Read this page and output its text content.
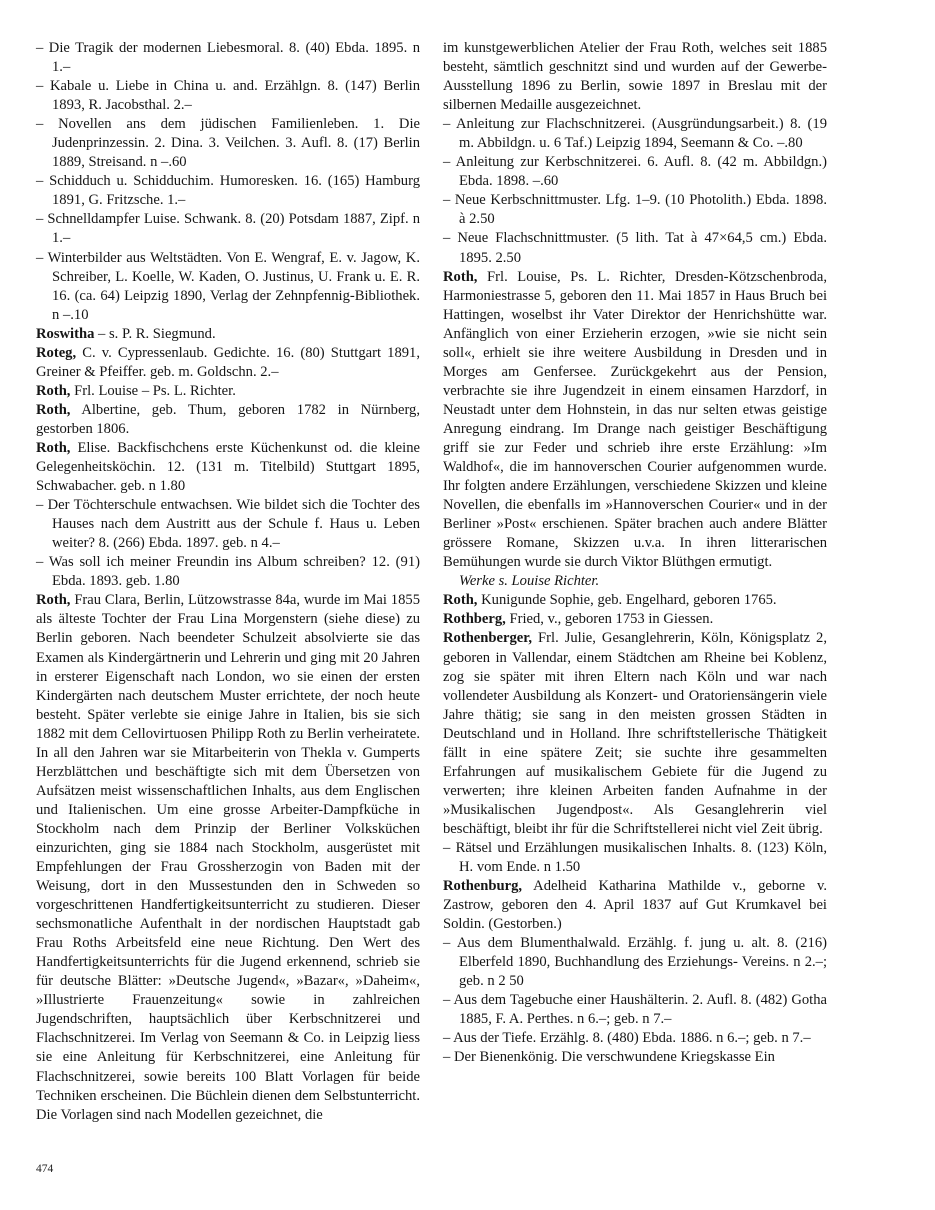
– Die Tragik der modernen Liebesmoral. 8. (40) Ebda. 1895. n 1.–

– Kabale u. Liebe in China u. and. Erzählgn. 8. (147) Berlin 1893, R. Jacobsthal. 2.–

– Novellen ans dem jüdischen Familienleben. 1. Die Judenprinzessin. 2. Dina. 3. Veilchen. 3. Aufl. 8. (17) Berlin 1889, Streisand. n –.60

– Schidduch u. Schidduchim. Humoresken. 16. (165) Hamburg 1891, G. Fritzsche. 1.–

– Schnelldampfer Luise. Schwank. 8. (20) Potsdam 1887, Zipf. n 1.–

– Winterbilder aus Weltstädten. Von E. Wengraf, E. v. Jagow, K. Schreiber, L. Koelle, W. Kaden, O. Justinus, U. Frank u. E. R. 16. (ca. 64) Leipzig 1890, Verlag der Zehnpfennig-Bibliothek. n –.10

Roswitha – s. P. R. Siegmund.

Roteg, C. v. Cypressenlaub. Gedichte. 16. (80) Stuttgart 1891, Greiner & Pfeiffer. geb. m. Goldschn. 2.–

Roth, Frl. Louise – Ps. L. Richter.

Roth, Albertine, geb. Thum, geboren 1782 in Nürnberg, gestorben 1806.

Roth, Elise. Backfischchens erste Küchenkunst od. die kleine Gelegenheitsköchin. 12. (131 m. Titelbild) Stuttgart 1895, Schwabacher. geb. n 1.80

– Der Töchterschule entwachsen. Wie bildet sich die Tochter des Hauses nach dem Austritt aus der Schule f. Haus u. Leben weiter? 8. (266) Ebda. 1897. geb. n 4.–

– Was soll ich meiner Freundin ins Album schreiben? 12. (91) Ebda. 1893. geb. 1.80

Roth, Frau Clara, Berlin, Lützowstrasse 84a, wurde im Mai 1855 als älteste Tochter der Frau Lina Morgenstern (siehe diese) zu Berlin geboren. Nach beendeter Schulzeit absolvierte sie das Examen als Kindergärtnerin und Lehrerin und ging mit 20 Jahren in ersterer Eigenschaft nach London, wo sie einen der ersten Kindergärten nach deutschem Muster errichtete, der noch heute besteht. Später verlebte sie einige Jahre in Italien, bis sie sich 1882 mit dem Cellovirtuosen Philipp Roth zu Berlin verheiratete. In all den Jahren war sie Mitarbeiterin von Thekla v. Gumperts Herzblättchen und beschäftigte sich mit dem Übersetzen von Aufsätzen meist wissenschaftlichen Inhalts, aus dem Englischen und Italienischen. Um eine grosse Arbeiter-Dampfküche in Stockholm nach dem Prinzip der Berliner Volksküchen einzurichten, ging sie 1884 nach Stockholm, ausgerüstet mit Empfehlungen der Frau Grossherzogin von Baden mit der Weisung, dort in den Mussestunden den in Schweden so vorgeschrittenen Handfertigkeitsunterricht zu studieren. Dieser sechsmonatliche Aufenthalt in der nordischen Hauptstadt gab Frau Roths Arbeitsfeld eine neue Richtung. Den Wert des Handfertigkeitsunterrichts für die Jugend erkennend, schrieb sie für deutsche Blätter: »Deutsche Jugend«, »Bazar«, »Daheim«, »Illustrierte Frauenzeitung« sowie in zahlreichen Jugendschriften, hauptsächlich über Kerbschnitzerei und Flachschnitzerei. Im Verlag von Seemann & Co. in Leipzig liess sie eine Anleitung für Kerbschnitzerei, eine Anleitung für Flachschnitzerei, sowie bereits 100 Blatt Vorlagen für beide Techniken erscheinen. Die Büchlein dienen dem Selbstunterricht. Die Vorlagen sind nach Modellen gezeichnet, die

im kunstgewerblichen Atelier der Frau Roth, welches seit 1885 besteht, sämtlich geschnitzt sind und wurden auf der Gewerbe-Ausstellung 1896 zu Berlin, sowie 1897 in Breslau mit der silbernen Medaille ausgezeichnet.

– Anleitung zur Flachschnitzerei. (Ausgründungsarbeit.) 8. (19 m. Abbildgn. u. 6 Taf.) Leipzig 1894, Seemann & Co. –.80

– Anleitung zur Kerbschnitzerei. 6. Aufl. 8. (42 m. Abbildgn.) Ebda. 1898. –.60

– Neue Kerbschnittmuster. Lfg. 1–9. (10 Photolith.) Ebda. 1898. à 2.50

– Neue Flachschnittmuster. (5 lith. Tat à 47×64,5 cm.) Ebda. 1895. 2.50

Roth, Frl. Louise, Ps. L. Richter, Dresden-Kötzschenbroda, Harmoniestrasse 5, geboren den 11. Mai 1857 in Haus Bruch bei Hattingen, woselbst ihr Vater Direktor der Henrichshütte war. Anfänglich von einer Erzieherin erzogen, »wie sie nicht sein soll«, erhielt sie ihre weitere Ausbildung in Dresden und in Morges am Genfersee. Zurückgekehrt aus der Pension, verbrachte sie ihre Jugendzeit in einem einsamen Harzdorf, in Neustadt unter dem Hohnstein, in das nur selten etwas geistige Anregung eindrang. Im Drange nach geistiger Beschäftigung griff sie zur Feder und schrieb ihre erste Erzählung: »Im Waldhof«, die im hannoverschen Courier aufgenommen wurde. Ihr folgten andere Erzählungen, verschiedene Skizzen und kleine Novellen, die ebenfalls im »Hannoverschen Courier« und in der Berliner »Post« erschienen. Später brachen auch andere Blätter grössere Romane, Skizzen u.v.a. In ihren litterarischen Bemühungen wurde sie durch Viktor Blüthgen ermutigt.

Werke s. Louise Richter.

Roth, Kunigunde Sophie, geb. Engelhard, geboren 1765.

Rothberg, Fried, v., geboren 1753 in Giessen.

Rothenberger, Frl. Julie, Gesanglehrerin, Köln, Königsplatz 2, geboren in Vallendar, einem Städtchen am Rheine bei Koblenz, zog sie später mit ihren Eltern nach Köln und war nach vollendeter Ausbildung als Konzert- und Oratoriensängerin viele Jahre thätig; sie sang in den meisten grossen Städten in Deutschland und in Holland. Ihre schriftstellerische Thätigkeit fällt in eine spätere Zeit; sie suchte ihre gesammelten Erfahrungen auf musikalischem Gebiete für die Jugend zu verwerten; ihre kleinen Arbeiten fanden Aufnahme in der »Musikalischen Jugendpost«. Als Gesanglehrerin viel beschäftigt, bleibt ihr für die Schriftstellerei nicht viel Zeit übrig.

– Rätsel und Erzählungen musikalischen Inhalts. 8. (123) Köln, H. vom Ende. n 1.50

Rothenburg, Adelheid Katharina Mathilde v., geborne v. Zastrow, geboren den 4. April 1837 auf Gut Krumkavel bei Soldin. (Gestorben.)

– Aus dem Blumenthalwald. Erzählg. f. jung u. alt. 8. (216) Elberfeld 1890, Buchhandlung des Erziehungs- Vereins. n 2.–; geb. n 2 50

– Aus dem Tagebuche einer Haushälterin. 2. Aufl. 8. (482) Gotha 1885, F. A. Perthes. n 6.–; geb. n 7.–

– Aus der Tiefe. Erzählg. 8. (480) Ebda. 1886. n 6.–; geb. n 7.–

– Der Bienenkönig. Die verschwundene Kriegskasse Ein

474
